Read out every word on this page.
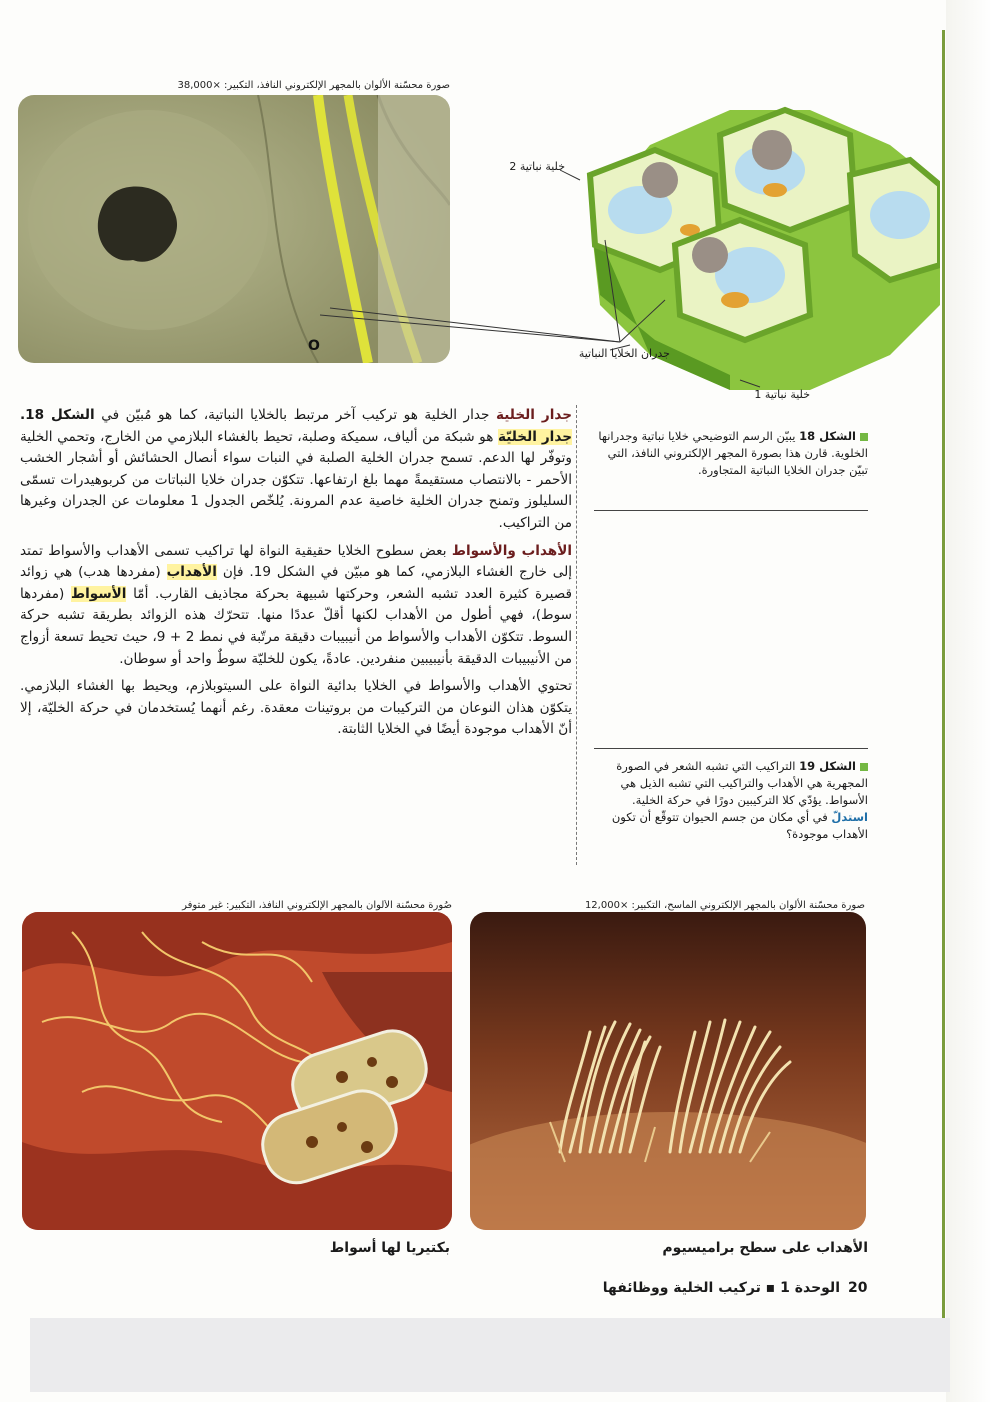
صورة محسّنة الألوان بالمجهر الإلكتروني النافذ، التكبير: ×38,000
O
خلية نباتية 2
جدران الخلايا النباتية
خلية نباتية 1

جدار الخلية جدار الخلية هو تركيب آخر مرتبط بالخلايا النباتية، كما هو مُبيّن في الشكل 18. جدار الخليّة هو شبكة من ألياف، سميكة وصلبة، تحيط بالغشاء البلازمي من الخارج، وتحمي الخلية وتوفّر لها الدعم. تسمح جدران الخلية الصلبة في النبات سواء أنصال الحشائش أو أشجار الخشب الأحمر - بالانتصاب مستقيمةً مهما بلغ ارتفاعها. تتكوّن جدران خلايا النباتات من كربوهيدرات تسمّى السليلوز وتمنح جدران الخلية خاصية عدم المرونة. يُلخّص الجدول 1 معلومات عن الجدران وغيرها من التراكيب.

الأهداب والأسواط بعض سطوح الخلايا حقيقية النواة لها تراكيب تسمى الأهداب والأسواط تمتد إلى خارج الغشاء البلازمي، كما هو مبيّن في الشكل 19. فإن الأهداب (مفردها هدب) هي زوائد قصيرة كثيرة العدد تشبه الشعر، وحركتها شبيهة بحركة مجاذيف القارب. أمّا الأسواط (مفردها سوط)، فهي أطول من الأهداب لكنها أقلّ عددًا منها. تتحرّك هذه الزوائد بطريقة تشبه حركة السوط. تتكوّن الأهداب والأسواط من أنيبيبات دقيقة مرتّبة في نمط 2 + 9، حيث تحيط تسعة أزواج من الأنيبيبات الدقيقة بأنيبيبين منفردين. عادةً، يكون للخليّة سوطٌ واحد أو سوطان.

تحتوي الأهداب والأسواط في الخلايا بدائية النواة على السيتوبلازم، ويحيط بها الغشاء البلازمي. يتكوّن هذان النوعان من التركيبات من بروتينات معقدة. رغم أنهما يُستخدمان في حركة الخليّة، إلا أنّ الأهداب موجودة أيضًا في الخلايا الثابتة.

الشكل 18 يبيّن الرسم التوضيحي خلايا نباتية وجدرانها الخلوية. قارن هذا بصورة المجهر الإلكتروني النافذ، التي تبيّن جدران الخلايا النباتية المتجاورة.
الشكل 19 التراكيب التي تشبه الشعر في الصورة المجهرية هي الأهداب والتراكيب التي تشبه الذيل هي الأسواط. يؤدّي كلا التركيبين دورًا في حركة الخلية. استدلّ في أي مكان من جسم الحيوان تتوقّع أن تكون الأهداب موجودة؟
صُورة محسّنة الألوان بالمجهر الإلكتروني النافذ، التكبير: غير متوفر	صورة محسّنة الألوان بالمجهر الإلكتروني الماسح، التكبير: ×12,000
بكتيريا لها أسواط	الأهداب على سطح براميسيوم
20
الوحدة 1 ▪ تركيب الخلية ووظائفها
